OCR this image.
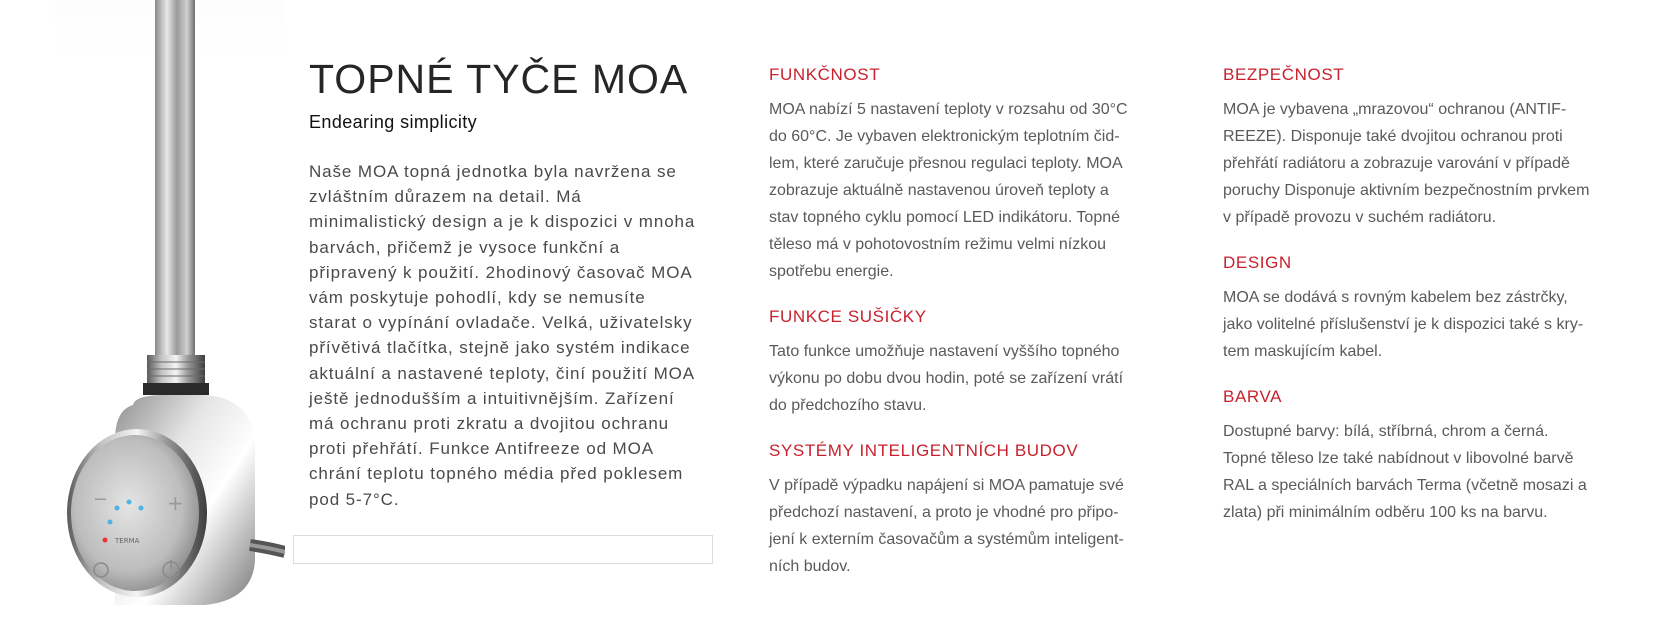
−	+
TERMA
TOPNÉ TYČE MOA

Endearing simplicity

Naše MOA topná jednotka byla navržena se zvláštním důrazem na detail. Má minimalistický design a je k dispozici v mnoha barvách, přičemž je vysoce funkční a připravený k použití. 2hodinový časovač MOA vám poskytuje pohodlí, kdy se nemusíte starat o vypínání ovladače. Velká, uživatelsky přívětivá tlačítka, stejně jako systém indikace aktuální a nastavené teploty, činí použití MOA ještě jednodušším a intuitivnějším. Zařízení má ochranu proti zkratu a dvojitou ochranu proti přehřátí. Funkce Antifreeze od MOA chrání teplotu topného média před poklesem pod 5-7°C.

FUNKČNOST

MOA nabízí 5 nastavení teploty v rozsahu od 30°C
do 60°C. Je vybaven elektronickým teplotním čid-
lem, které zaručuje přesnou regulaci teploty. MOA
zobrazuje aktuálně nastavenou úroveň teploty a
stav topného cyklu pomocí LED indikátoru. Topné
těleso má v pohotovostním režimu velmi nízkou
spotřebu energie.

FUNKCE SUŠIČKY

Tato funkce umožňuje nastavení vyššího topného
výkonu po dobu dvou hodin, poté se zařízení vrátí
do předchozího stavu.

SYSTÉMY INTELIGENTNÍCH BUDOV

V případě výpadku napájení si MOA pamatuje své
předchozí nastavení, a proto je vhodné pro připo-
jení k externím časovačům a systémům inteligent-
ních budov.

BEZPEČNOST

MOA je vybavena „mrazovou“ ochranou (ANTIF-
REEZE). Disponuje také dvojitou ochranou proti
přehřátí radiátoru a zobrazuje varování v případě
poruchy Disponuje aktivním bezpečnostním prvkem
v případě provozu v suchém radiátoru.

DESIGN

MOA se dodává s rovným kabelem bez zástrčky,
jako volitelné příslušenství je k dispozici také s kry-
tem maskujícím kabel.

BARVA

Dostupné barvy: bílá, stříbrná, chrom a černá.
Topné těleso lze také nabídnout v libovolné barvě
RAL a speciálních barvách Terma (včetně mosazi a
zlata) při minimálním odběru 100 ks na barvu.
